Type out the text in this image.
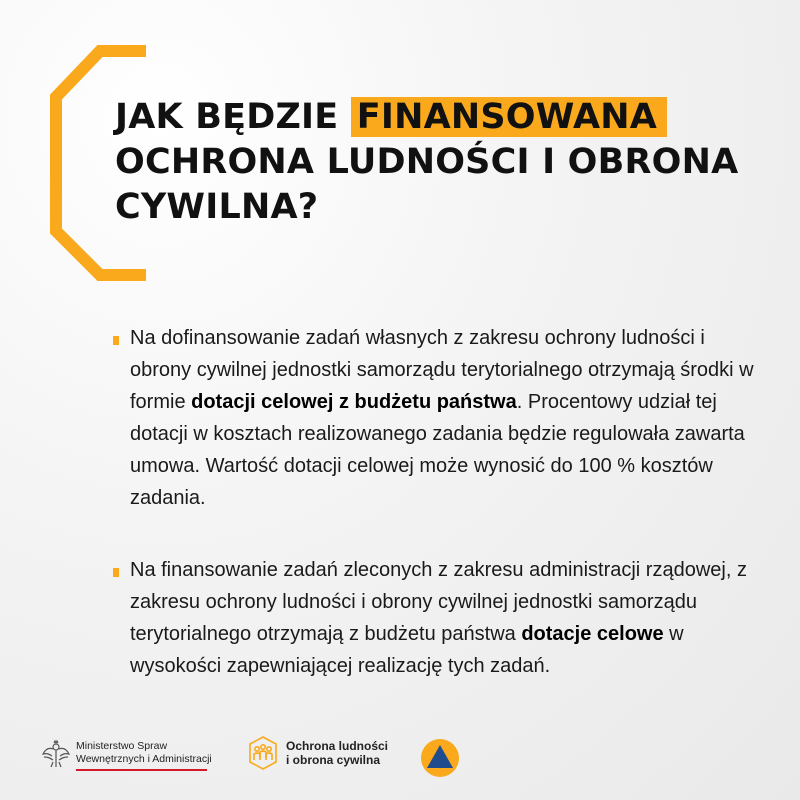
JAK BĘDZIE FINANSOWANA OCHRONA LUDNOŚCI I OBRONA CYWILNA?

Na dofinansowanie zadań własnych z zakresu ochrony ludności i obrony cywilnej jednostki samorządu terytorialnego otrzymają środki w formie dotacji celowej z budżetu państwa. Procentowy udział tej dotacji w kosztach realizowanego zadania będzie regulowała zawarta umowa. Wartość dotacji celowej może wynosić do 100 % kosztów zadania.

Na finansowanie zadań zleconych z zakresu administracji rządowej, z zakresu ochrony ludności i obrony cywilnej jednostki samorządu terytorialnego otrzymają z budżetu państwa dotacje celowe w wysokości zapewniającej realizację tych zadań.

Ministerstwo Spraw
Wewnętrznych i Administracji
Ochrona ludności
i obrona cywilna
